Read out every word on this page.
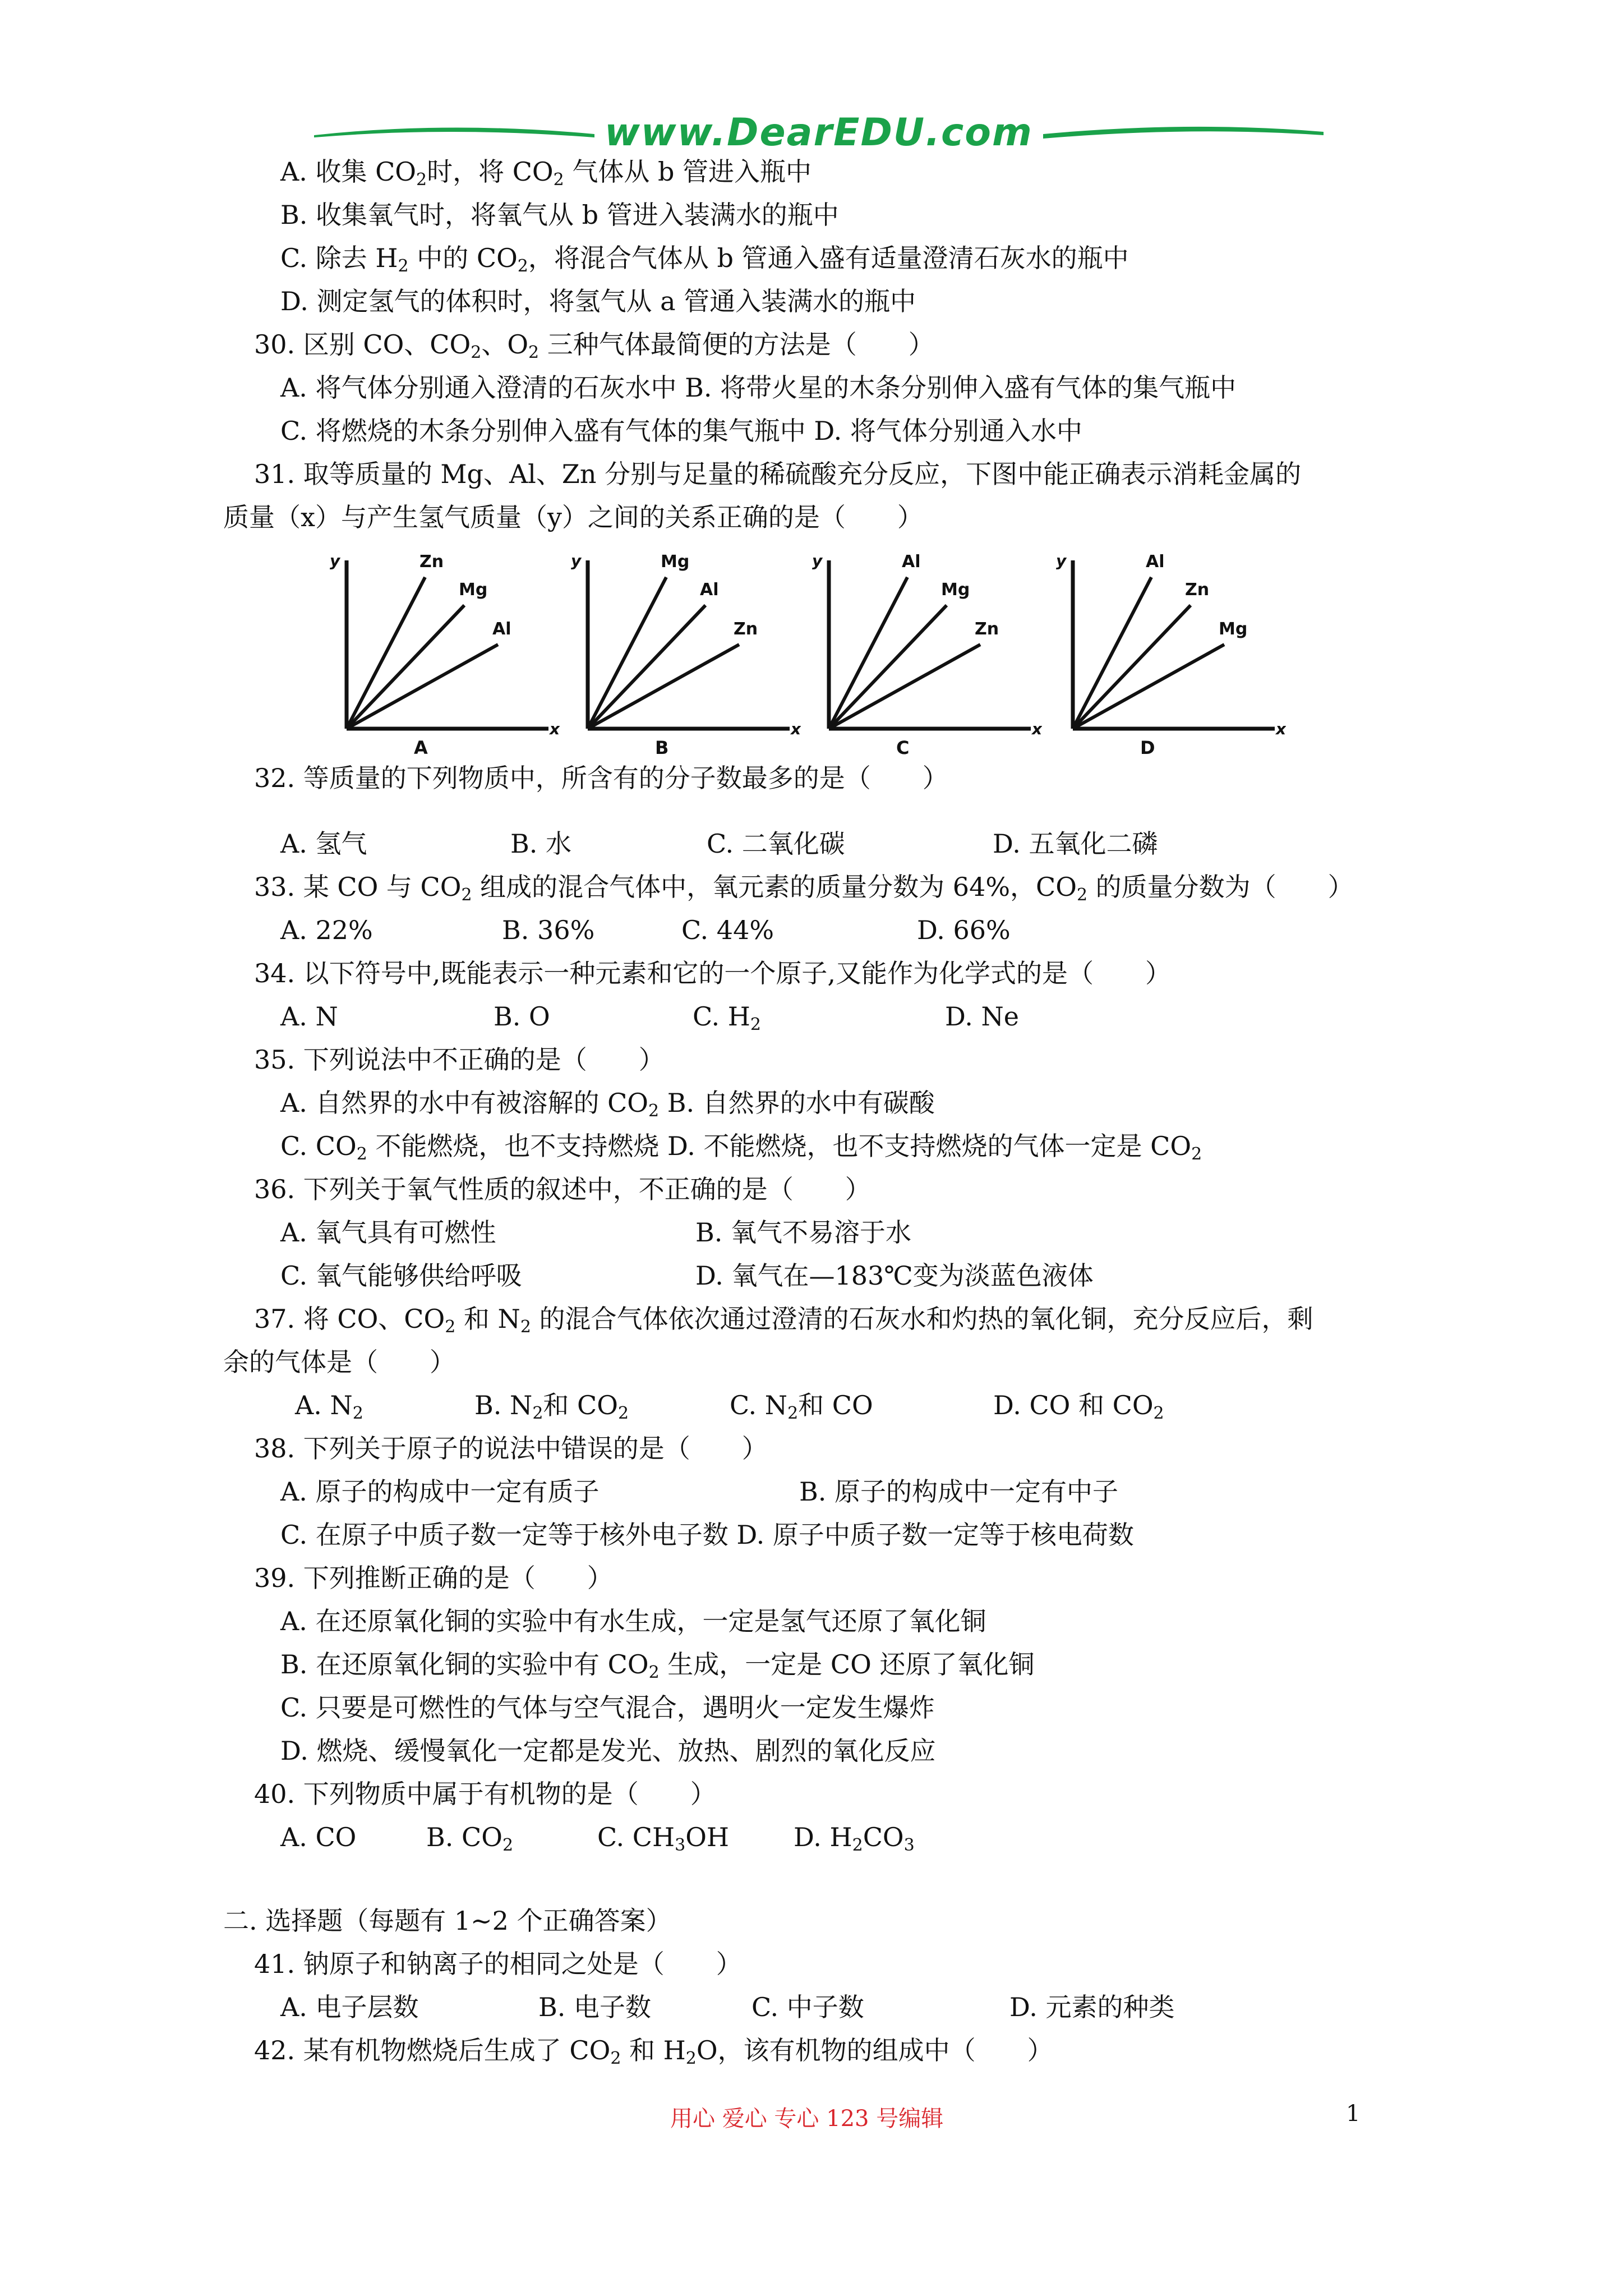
www.DearEDU.com
A. 收集 $CO_2$时，将 $CO_2$ 气体从 b 管进入瓶中
B. 收集氧气时，将氧气从 b 管进入装满水的瓶中
C. 除去 $H_2$ 中的 $CO_2$，将混合气体从 b 管通入盛有适量澄清石灰水的瓶中
D. 测定氢气的体积时，将氢气从 a 管通入装满水的瓶中
30. 区别 CO、$CO_2$、$O_2$ 三种气体最简便的方法是（　　）
A. 将气体分别通入澄清的石灰水中 B. 将带火星的木条分别伸入盛有气体的集气瓶中
C. 将燃烧的木条分别伸入盛有气体的集气瓶中 D. 将气体分别通入水中
31. 取等质量的 Mg、Al、Zn 分别与足量的稀硫酸充分反应，下图中能正确表示消耗金属的
质量（x）与产生氢气质量（y）之间的关系正确的是（　　）
Zn
Mg
Al
y
x
A
Mg
Al
Zn
y
x
B
Al
Mg
Zn
y
x
C
Al
Zn
Mg
y
x
D
32. 等质量的下列物质中，所含有的分子数最多的是（　　）
A. 氢气	B. 水	C. 二氧化碳	D. 五氧化二磷
33. 某 CO 与 $CO_2$ 组成的混合气体中，氧元素的质量分数为 64%，$CO_2$ 的质量分数为（　　）
A. 22%	B. 36%	C. 44%	D. 66%
34. 以下符号中,既能表示一种元素和它的一个原子,又能作为化学式的是（　　）
A. N	B. O	C. $H_2$	D. Ne
35. 下列说法中不正确的是（　　）
A. 自然界的水中有被溶解的 $CO_2$ B. 自然界的水中有碳酸
C. $CO_2$ 不能燃烧，也不支持燃烧 D. 不能燃烧，也不支持燃烧的气体一定是 $CO_2$
36. 下列关于氧气性质的叙述中，不正确的是（　　）
A. 氧气具有可燃性	B. 氧气不易溶于水
C. 氧气能够供给呼吸	D. 氧气在—183℃变为淡蓝色液体
37. 将 CO、$CO_2$ 和 $N_2$ 的混合气体依次通过澄清的石灰水和灼热的氧化铜，充分反应后，剩
余的气体是（　　）
A. $N_2$	B. $N_2$和 $CO_2$	C. $N_2$和 CO	D. CO 和 $CO_2$
38. 下列关于原子的说法中错误的是（　　）
A. 原子的构成中一定有质子	B. 原子的构成中一定有中子
C. 在原子中质子数一定等于核外电子数 D. 原子中质子数一定等于核电荷数
39. 下列推断正确的是（　　）
A. 在还原氧化铜的实验中有水生成，一定是氢气还原了氧化铜
B. 在还原氧化铜的实验中有 $CO_2$ 生成，一定是 CO 还原了氧化铜
C. 只要是可燃性的气体与空气混合，遇明火一定发生爆炸
D. 燃烧、缓慢氧化一定都是发光、放热、剧烈的氧化反应
40. 下列物质中属于有机物的是（　　）
A. CO	B. $CO_2$	C. $CH_3OH$	D. $H_2CO_3$
二. 选择题（每题有 1~2 个正确答案）
41. 钠原子和钠离子的相同之处是（　　）
A. 电子层数	B. 电子数	C. 中子数	D. 元素的种类
42. 某有机物燃烧后生成了 $CO_2$ 和 $H_2O$，该有机物的组成中（　　）
用心 爱心 专心 123 号编辑	1
